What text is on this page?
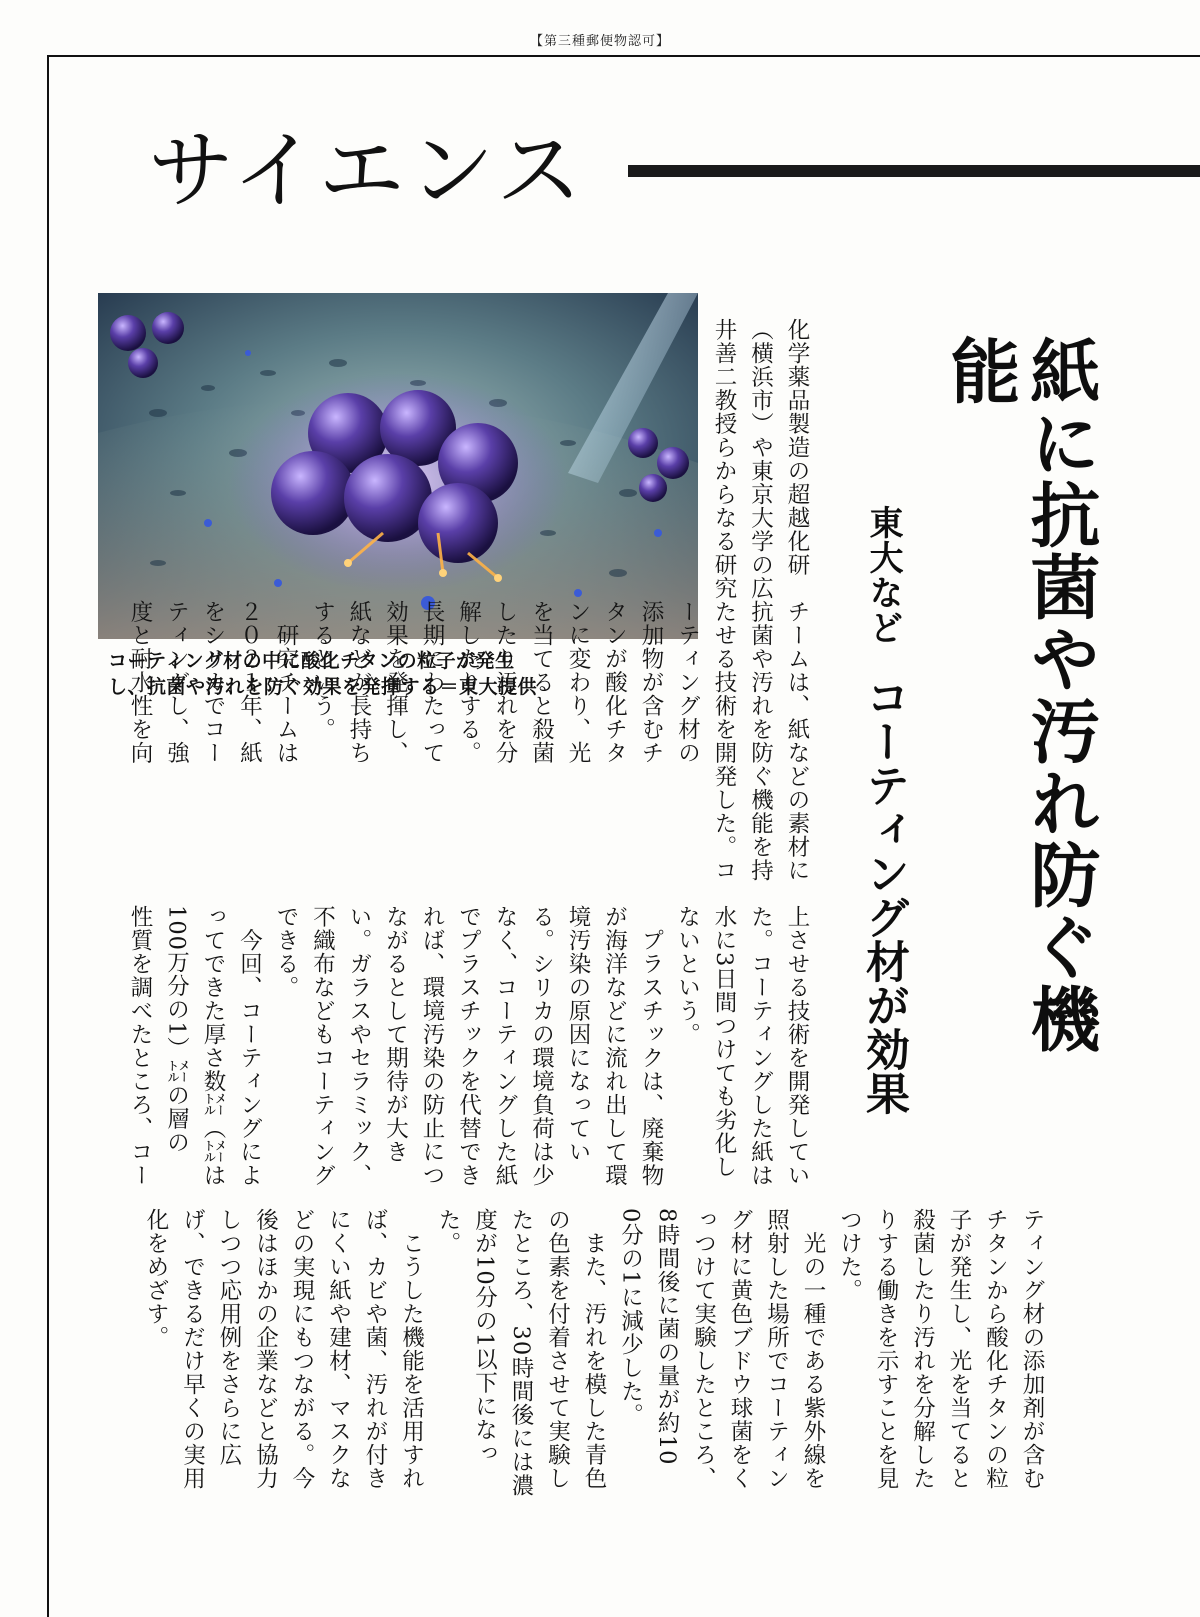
【第三種郵便物認可】
サイエンス
コーティング材の中に酸化チタンの粒子が発生
し、抗菌や汚れを防ぐ効果を発揮する＝東大提供	紙に抗菌や汚れ防ぐ機能
東大などコーティング材が効果
化学薬品製造の超越化研
（横浜市）や東京大学の広
井善二教授らからなる研究
チームは、紙などの素材に
抗菌や汚れを防ぐ機能を持
たせる技術を開発した。コ
ーティング材の
添加物が含むチ
タンが酸化チタ
ンに変わり、光
を当てると殺菌
したり汚れを分
解したりする。
長期にわたって
効果を発揮し、
紙などが長持ち
するという。
　研究チームは
２０２１年、紙
をシリカでコー
ティングし、強
度と耐水性を向
上させる技術を開発してい
た。コーティングした紙は
水に3日間つけても劣化し
ないという。
　プラスチックは、廃棄物
が海洋などに流れ出して環
境汚染の原因になってい
る。シリカの環境負荷は少
なく、コーティングした紙
でプラスチックを代替でき
れば、環境汚染の防止につ
ながるとして期待が大き
い。ガラスやセラミック、
不織布などもコーティング
できる。
　今回、コーティングによ
ってできた厚さ数㍍（㍍は
100万分の1）㍍の層の
性質を調べたところ、コー
ティング材の添加剤が含む
チタンから酸化チタンの粒
子が発生し、光を当てると
殺菌したり汚れを分解した
りする働きを示すことを見
つけた。
　光の一種である紫外線を
照射した場所でコーティン
グ材に黄色ブドウ球菌をく
っつけて実験したところ、
8時間後に菌の量が約10
0分の1に減少した。
　また、汚れを模した青色
の色素を付着させて実験し
たところ、30時間後には濃
度が10分の1以下になっ
た。
　こうした機能を活用すれ
ば、カビや菌、汚れが付き
にくい紙や建材、マスクな
どの実現にもつながる。今
後はほかの企業などと協力
しつつ応用例をさらに広
げ、できるだけ早くの実用
化をめざす。
